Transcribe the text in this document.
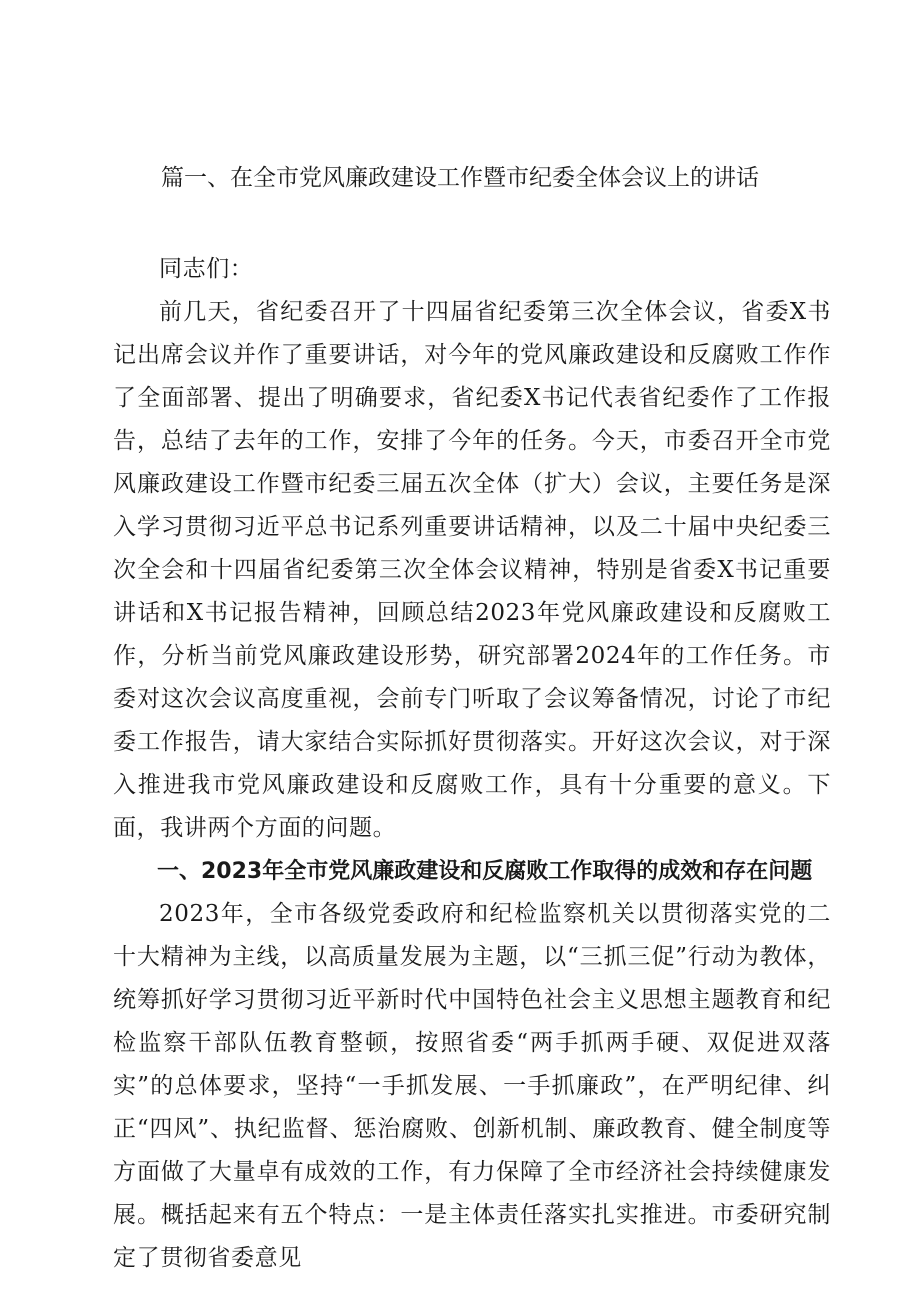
篇一、在全市党风廉政建设工作暨市纪委全体会议上的讲话

同志们：

前几天，省纪委召开了十四届省纪委第三次全体会议，省委X书记出席会议并作了重要讲话，对今年的党风廉政建设和反腐败工作作了全面部署、提出了明确要求，省纪委X书记代表省纪委作了工作报告，总结了去年的工作，安排了今年的任务。今天，市委召开全市党风廉政建设工作暨市纪委三届五次全体（扩大）会议，主要任务是深入学习贯彻习近平总书记系列重要讲话精神，以及二十届中央纪委三次全会和十四届省纪委第三次全体会议精神，特别是省委X书记重要讲话和X书记报告精神，回顾总结2023年党风廉政建设和反腐败工作，分析当前党风廉政建设形势，研究部署2024年的工作任务。市委对这次会议高度重视，会前专门听取了会议筹备情况，讨论了市纪委工作报告，请大家结合实际抓好贯彻落实。开好这次会议，对于深入推进我市党风廉政建设和反腐败工作，具有十分重要的意义。下面，我讲两个方面的问题。

一、2023年全市党风廉政建设和反腐败工作取得的成效和存在问题

2023年，全市各级党委政府和纪检监察机关以贯彻落实党的二十大精神为主线，以高质量发展为主题，以“三抓三促”行动为教体，统筹抓好学习贯彻习近平新时代中国特色社会主义思想主题教育和纪检监察干部队伍教育整顿，按照省委“两手抓两手硬、双促进双落实”的总体要求，坚持“一手抓发展、一手抓廉政”，在严明纪律、纠正“四风”、执纪监督、惩治腐败、创新机制、廉政教育、健全制度等方面做了大量卓有成效的工作，有力保障了全市经济社会持续健康发展。概括起来有五个特点：一是主体责任落实扎实推进。市委研究制定了贯彻省委意见
